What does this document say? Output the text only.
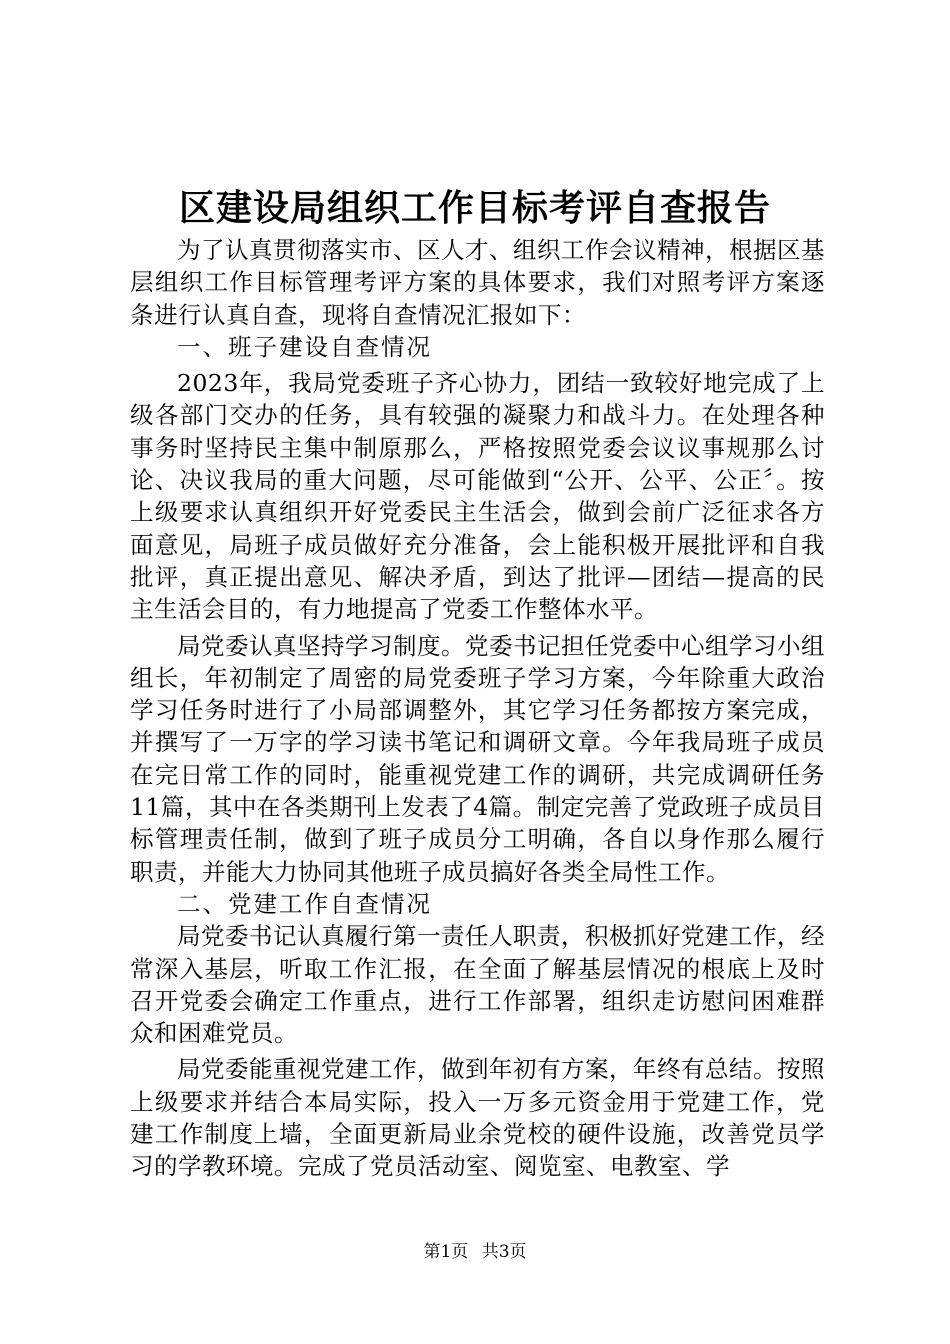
区建设局组织工作目标考评自查报告

为了认真贯彻落实市、区人才、组织工作会议精神，根据区基层组织工作目标管理考评方案的具体要求，我们对照考评方案逐条进行认真自查，现将自查情况汇报如下：

一、班子建设自查情况

2023年，我局党委班子齐心协力，团结一致较好地完成了上级各部门交办的任务，具有较强的凝聚力和战斗力。在处理各种事务时坚持民主集中制原那么，严格按照党委会议议事规那么讨论、决议我局的重大问题，尽可能做到“公开、公平、公正〞。按上级要求认真组织开好党委民主生活会，做到会前广泛征求各方面意见，局班子成员做好充分准备，会上能积极开展批评和自我批评，真正提出意见、解决矛盾，到达了批评—团结—提高的民主生活会目的，有力地提高了党委工作整体水平。

局党委认真坚持学习制度。党委书记担任党委中心组学习小组组长，年初制定了周密的局党委班子学习方案，今年除重大政治学习任务时进行了小局部调整外，其它学习任务都按方案完成，并撰写了一万字的学习读书笔记和调研文章。今年我局班子成员在完日常工作的同时，能重视党建工作的调研，共完成调研任务11篇，其中在各类期刊上发表了4篇。制定完善了党政班子成员目标管理责任制，做到了班子成员分工明确，各自以身作那么履行职责，并能大力协同其他班子成员搞好各类全局性工作。

二、党建工作自查情况

局党委书记认真履行第一责任人职责，积极抓好党建工作，经常深入基层，听取工作汇报，在全面了解基层情况的根底上及时召开党委会确定工作重点，进行工作部署，组织走访慰问困难群众和困难党员。

局党委能重视党建工作，做到年初有方案，年终有总结。按照上级要求并结合本局实际，投入一万多元资金用于党建工作，党建工作制度上墙，全面更新局业余党校的硬件设施，改善党员学习的学教环境。完成了党员活动室、阅览室、电教室、学

第1页 共3页
